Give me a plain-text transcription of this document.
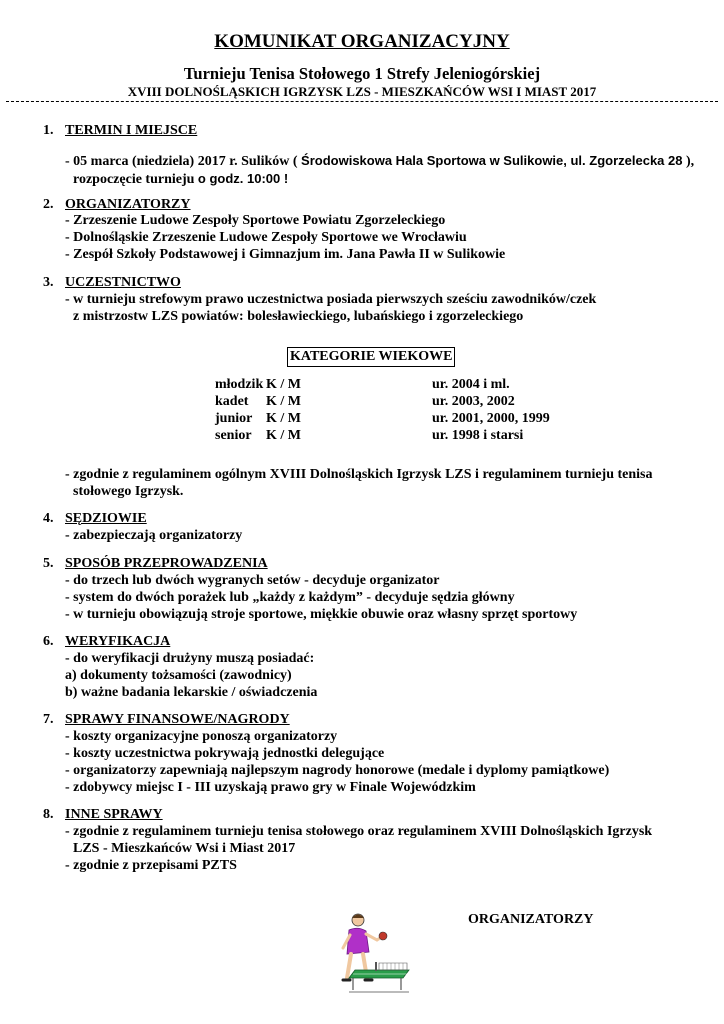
KOMUNIKAT ORGANIZACYJNY
Turnieju Tenisa Stołowego 1 Strefy Jeleniogórskiej
XVIII DOLNOŚLĄSKICH IGRZYSK LZS - MIESZKAŃCÓW WSI I MIAST 2017
1. TERMIN I MIEJSCE
- 05 marca (niedziela) 2017 r. Sulików ( Środowiskowa Hala Sportowa w Sulikowie, ul. Zgorzelecka 28 ),
rozpoczęcie turnieju o godz. 10:00 !
2. ORGANIZATORZY
- Zrzeszenie Ludowe Zespoły Sportowe Powiatu Zgorzeleckiego
- Dolnośląskie Zrzeszenie Ludowe Zespoły Sportowe we Wrocławiu
- Zespół Szkoły Podstawowej i Gimnazjum im. Jana Pawła II w Sulikowie
3. UCZESTNICTWO
- w turnieju strefowym prawo uczestnictwa posiada pierwszych sześciu zawodników/czek
z mistrzostw LZS powiatów: bolesławieckiego, lubańskiego i zgorzeleckiego
KATEGORIE WIEKOWE
młodzik K / M	ur. 2004 i ml.
kadet K / M	ur. 2003, 2002
junior K / M	ur. 2001, 2000, 1999
senior K / M	ur. 1998 i starsi
- zgodnie z regulaminem ogólnym XVIII Dolnośląskich Igrzysk LZS i regulaminem turnieju tenisa
stołowego Igrzysk.
4. SĘDZIOWIE
- zabezpieczają organizatorzy
5. SPOSÓB PRZEPROWADZENIA
- do trzech lub dwóch wygranych setów - decyduje organizator
- system do dwóch porażek lub „każdy z każdym” - decyduje sędzia główny
- w turnieju obowiązują stroje sportowe, miękkie obuwie oraz własny sprzęt sportowy
6. WERYFIKACJA
- do weryfikacji drużyny muszą posiadać:
a) dokumenty tożsamości (zawodnicy)
b) ważne badania lekarskie / oświadczenia
7. SPRAWY FINANSOWE/NAGRODY
- koszty organizacyjne ponoszą organizatorzy
- koszty uczestnictwa pokrywają jednostki delegujące
- organizatorzy zapewniają najlepszym nagrody honorowe (medale i dyplomy pamiątkowe)
- zdobywcy miejsc I - III uzyskają prawo gry w Finale Wojewódzkim
8. INNE SPRAWY
- zgodnie z regulaminem turnieju tenisa stołowego oraz regulaminem XVIII Dolnośląskich Igrzysk
LZS - Mieszkańców Wsi i Miast 2017
- zgodnie z przepisami PZTS
ORGANIZATORZY
